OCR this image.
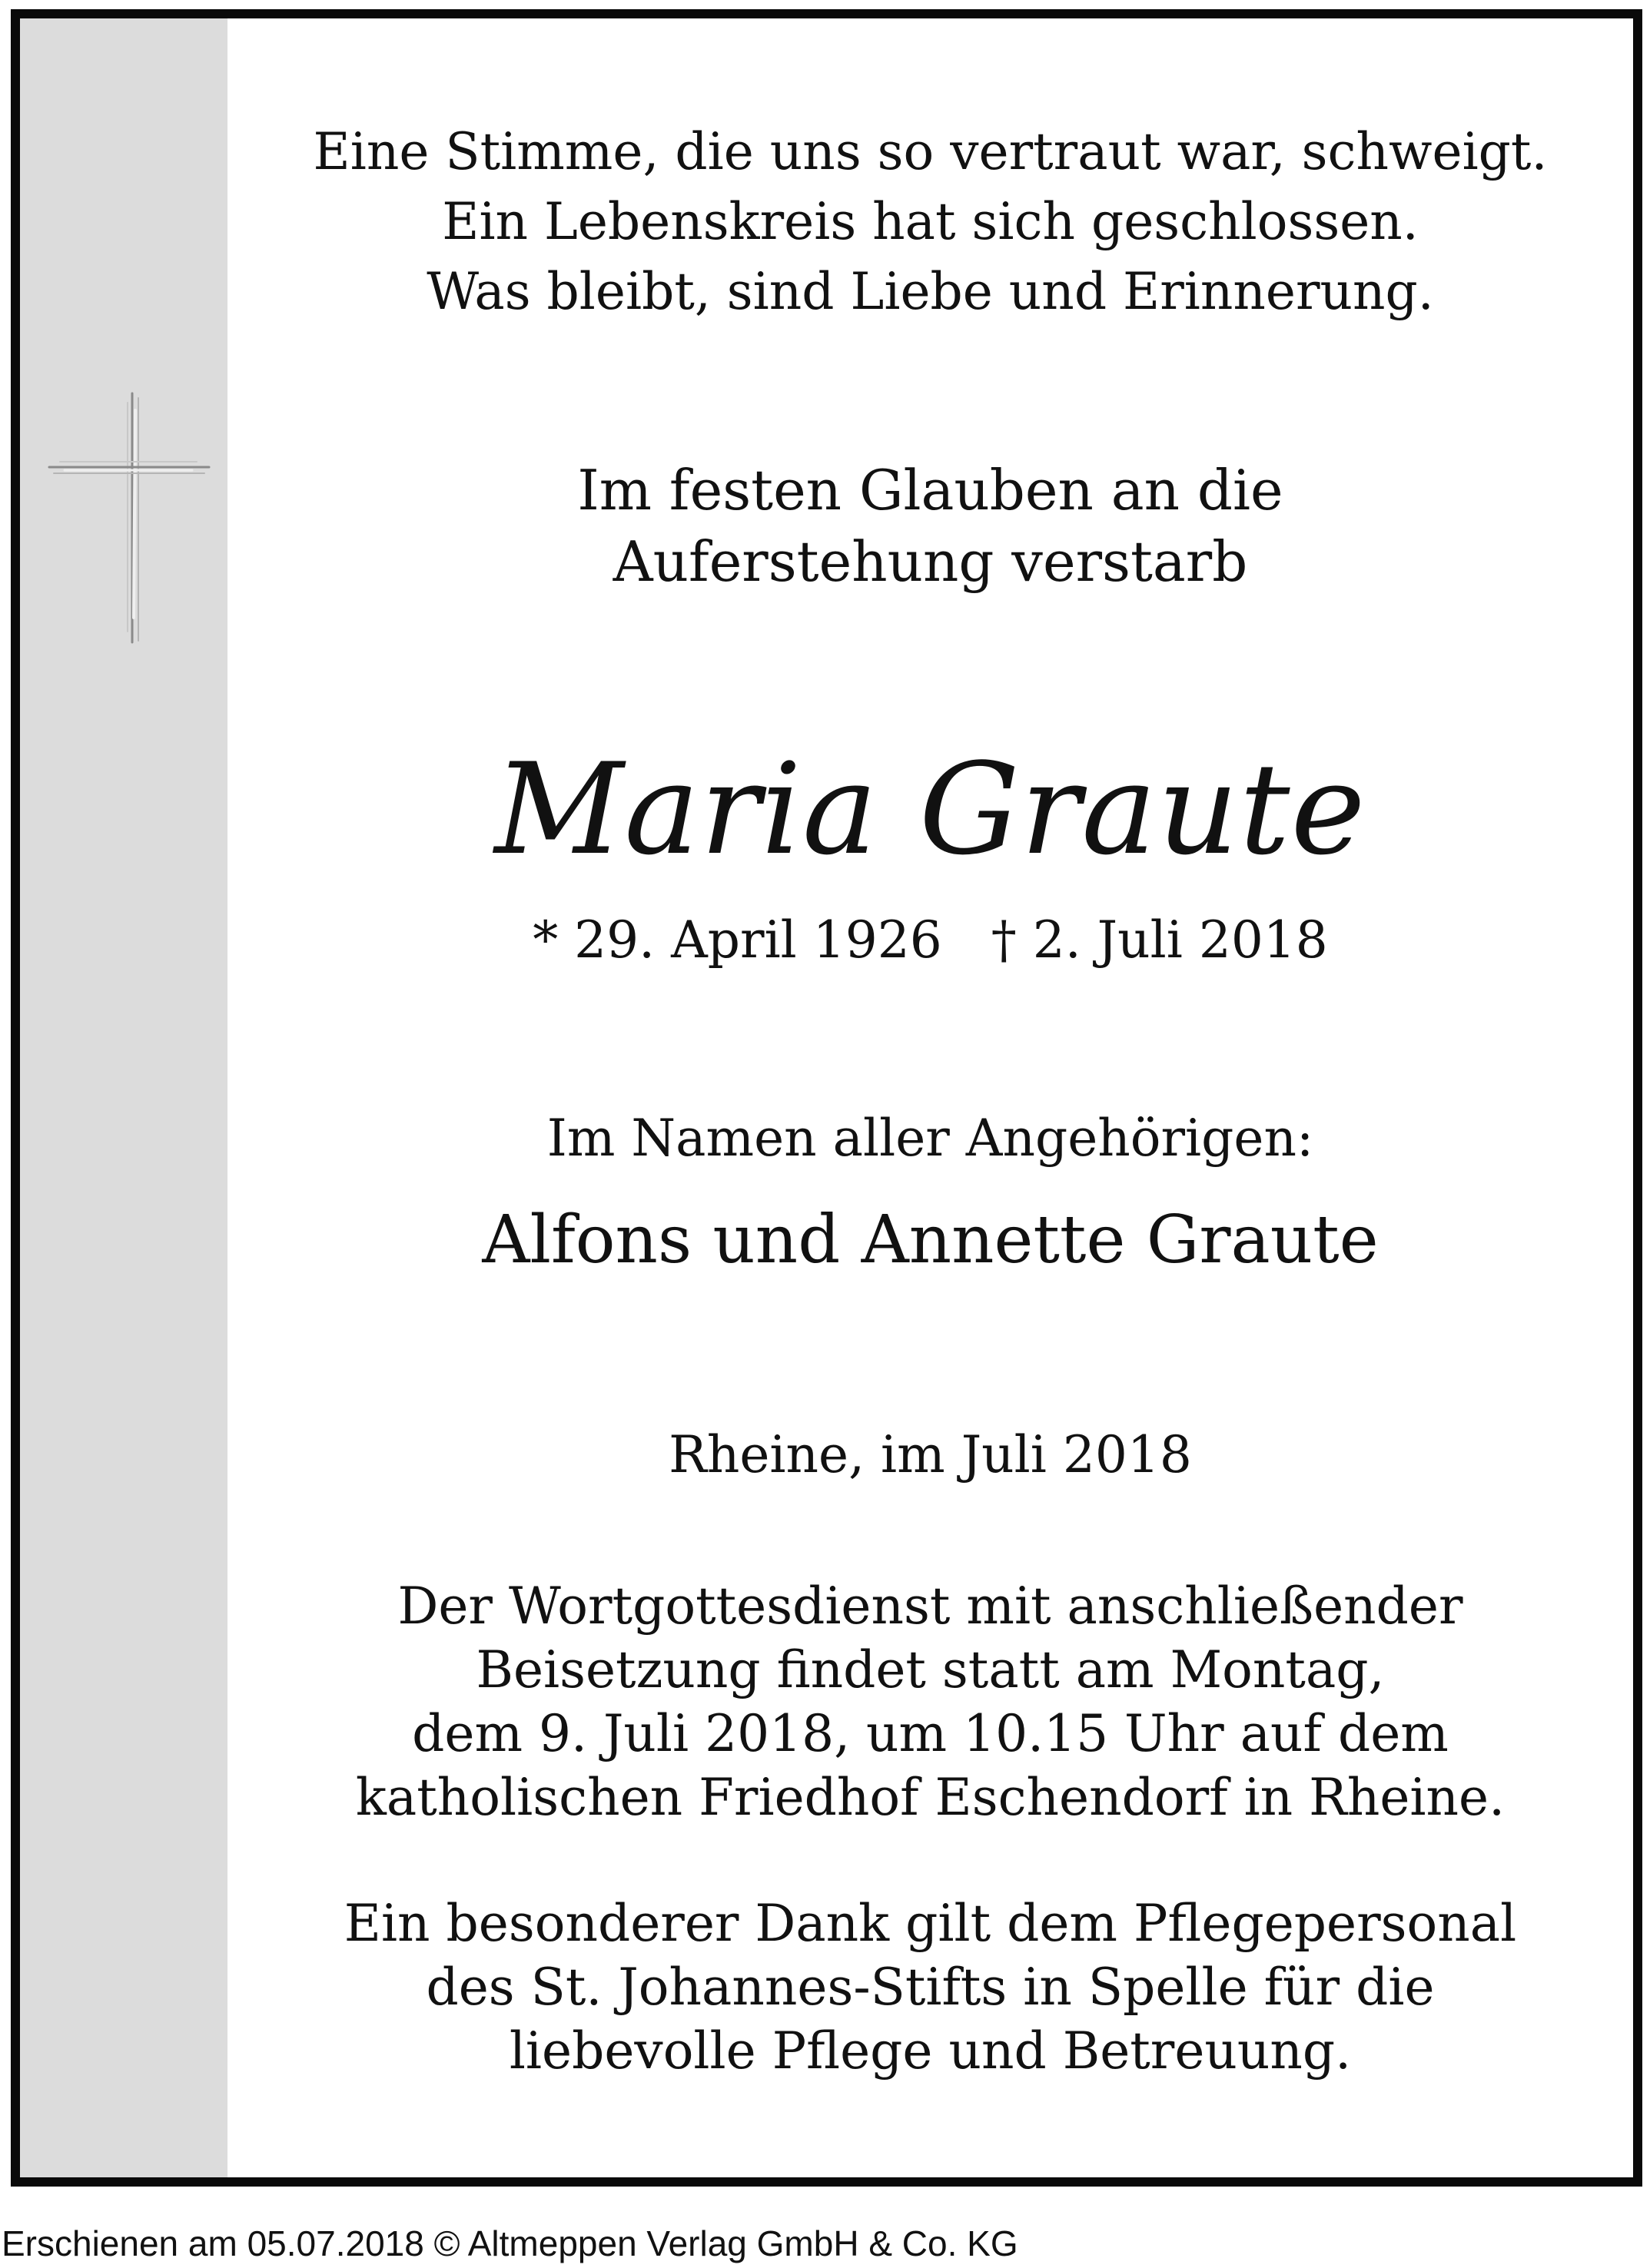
Eine Stimme, die uns so vertraut war, schweigt.
Ein Lebenskreis hat sich geschlossen.
Was bleibt, sind Liebe und Erinnerung.
Im festen Glauben an die
Auferstehung verstarb
Maria Graute
* 29. April 1926 † 2. Juli 2018
Im Namen aller Angehörigen:
Alfons und Annette Graute
Rheine, im Juli 2018
Der Wortgottesdienst mit anschließender
Beisetzung findet statt am Montag,
dem 9. Juli 2018, um 10.15 Uhr auf dem
katholischen Friedhof Eschendorf in Rheine.
Ein besonderer Dank gilt dem Pflegepersonal
des St. Johannes-Stifts in Spelle für die
liebevolle Pflege und Betreuung.
Erschienen am 05.07.2018 © Altmeppen Verlag GmbH & Co. KG
